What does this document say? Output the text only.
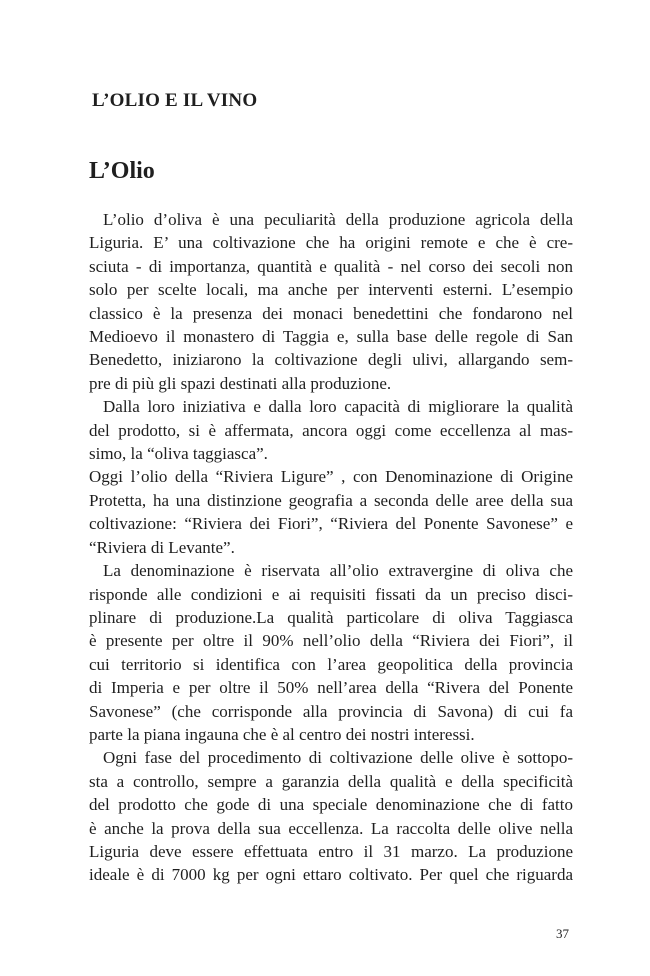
L’OLIO E IL VINO
L’Olio
L’olio d’oliva è una peculiarità della produzione agricola della
Liguria. E’ una coltivazione che ha origini remote e che è cre-
sciuta - di importanza, quantità e qualità - nel corso dei secoli non
solo per scelte locali, ma anche per interventi esterni. L’esempio
classico è la presenza dei monaci benedettini che fondarono nel
Medioevo il monastero di Taggia e, sulla base delle regole di San
Benedetto, iniziarono la coltivazione degli ulivi, allargando sem-
pre di più gli spazi destinati alla produzione.
Dalla loro iniziativa e dalla loro capacità di migliorare la qualità
del prodotto, si è affermata, ancora oggi come eccellenza al mas-
simo, la “oliva taggiasca”.
Oggi l’olio della “Riviera Ligure” , con Denominazione di Origine
Protetta, ha una distinzione geografia a seconda delle aree della sua
coltivazione: “Riviera dei Fiori”, “Riviera del Ponente Savonese” e
“Riviera di Levante”.
La denominazione è riservata all’olio extravergine di oliva che
risponde alle condizioni e ai requisiti fissati da un preciso disci-
plinare di produzione.La qualità particolare di oliva Taggiasca
è presente per oltre il 90% nell’olio della “Riviera dei Fiori”, il
cui territorio si identifica con l’area geopolitica della provincia
di Imperia e per oltre il 50% nell’area della “Rivera del Ponente
Savonese” (che corrisponde alla provincia di Savona) di cui fa
parte la piana ingauna che è al centro dei nostri interessi.
Ogni fase del procedimento di coltivazione delle olive è sottopo-
sta a controllo, sempre a garanzia della qualità e della specificità
del prodotto che gode di una speciale denominazione che di fatto
è anche la prova della sua eccellenza. La raccolta delle olive nella
Liguria deve essere effettuata entro il 31 marzo. La produzione
ideale è di 7000 kg per ogni ettaro coltivato. Per quel che riguarda
37
